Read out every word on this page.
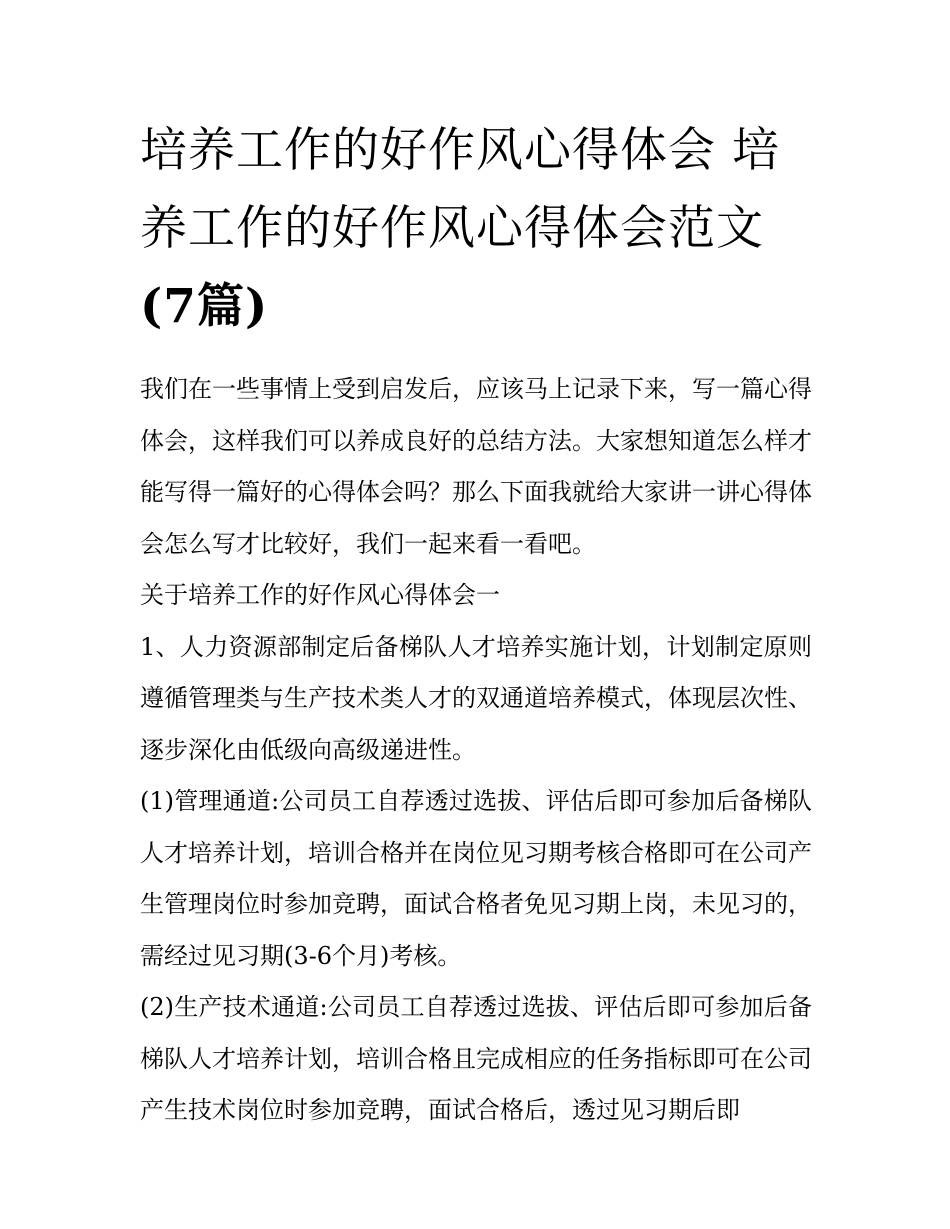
培养工作的好作风心得体会 培养工作的好作风心得体会范文(7篇)

我们在一些事情上受到启发后，应该马上记录下来，写一篇心得体会，这样我们可以养成良好的总结方法。大家想知道怎么样才能写得一篇好的心得体会吗？那么下面我就给大家讲一讲心得体会怎么写才比较好，我们一起来看一看吧。

关于培养工作的好作风心得体会一

1、人力资源部制定后备梯队人才培养实施计划，计划制定原则遵循管理类与生产技术类人才的双通道培养模式，体现层次性、逐步深化由低级向高级递进性。

(1)管理通道:公司员工自荐透过选拔、评估后即可参加后备梯队人才培养计划，培训合格并在岗位见习期考核合格即可在公司产生管理岗位时参加竞聘，面试合格者免见习期上岗，未见习的，需经过见习期(3-6个月)考核。

(2)生产技术通道:公司员工自荐透过选拔、评估后即可参加后备梯队人才培养计划，培训合格且完成相应的任务指标即可在公司产生技术岗位时参加竞聘，面试合格后，透过见习期后即
